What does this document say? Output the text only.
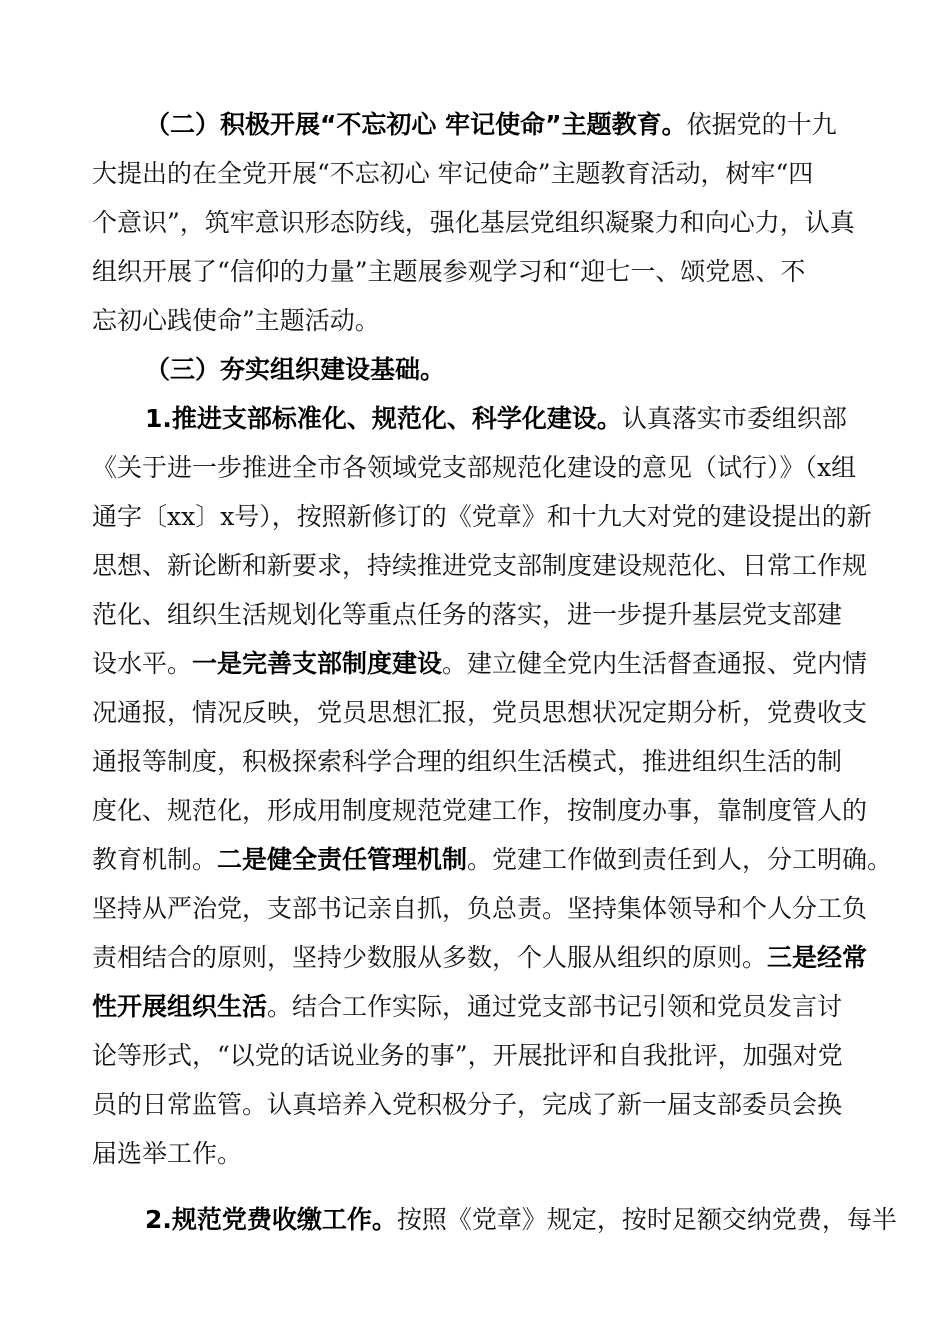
（二）积极开展“不忘初心 牢记使命”主题教育。依据党的十九
大提出的在全党开展“不忘初心 牢记使命”主题教育活动，树牢“四
个意识”，筑牢意识形态防线，强化基层党组织凝聚力和向心力，认真
组织开展了“信仰的力量”主题展参观学习和“迎七一、颂党恩、不
忘初心践使命”主题活动。
（三）夯实组织建设基础。
1.推进支部标准化、规范化、科学化建设。认真落实市委组织部
《关于进一步推进全市各领域党支部规范化建设的意见（试行）》（x组
通字〔xx〕x号），按照新修订的《党章》和十九大对党的建设提出的新
思想、新论断和新要求，持续推进党支部制度建设规范化、日常工作规
范化、组织生活规划化等重点任务的落实，进一步提升基层党支部建
设水平。一是完善支部制度建设。建立健全党内生活督查通报、党内情
况通报，情况反映，党员思想汇报，党员思想状况定期分析，党费收支
通报等制度，积极探索科学合理的组织生活模式，推进组织生活的制
度化、规范化，形成用制度规范党建工作，按制度办事，靠制度管人的
教育机制。二是健全责任管理机制。党建工作做到责任到人，分工明确。
坚持从严治党，支部书记亲自抓，负总责。坚持集体领导和个人分工负
责相结合的原则，坚持少数服从多数，个人服从组织的原则。三是经常
性开展组织生活。结合工作实际，通过党支部书记引领和党员发言讨
论等形式，“以党的话说业务的事”，开展批评和自我批评，加强对党
员的日常监管。认真培养入党积极分子，完成了新一届支部委员会换
届选举工作。
2.规范党费收缴工作。按照《党章》规定，按时足额交纳党费，每半
